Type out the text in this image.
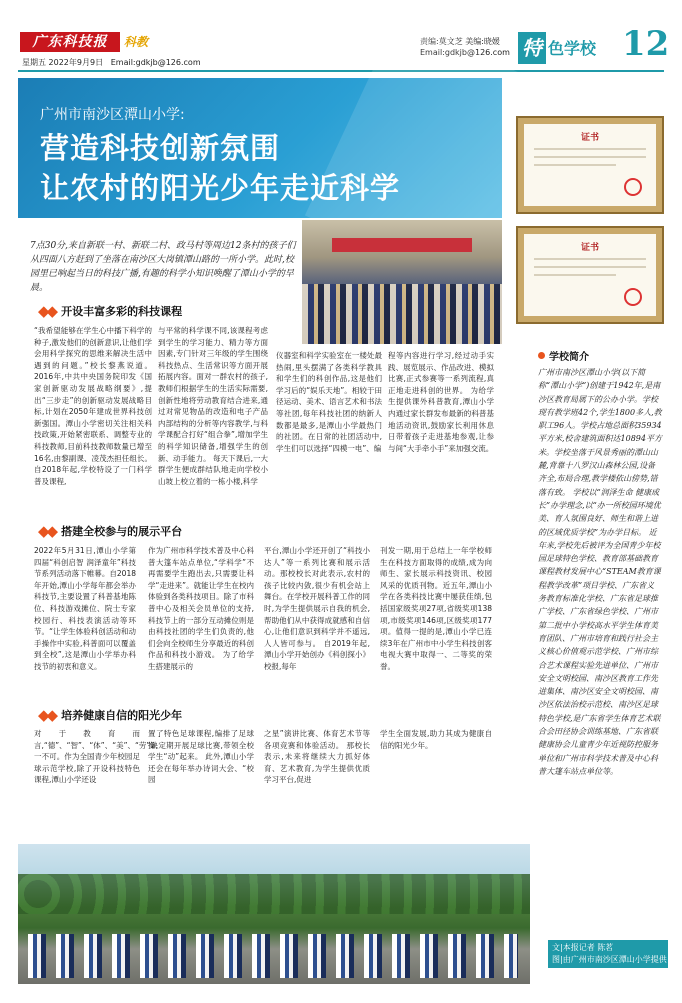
广东科技报	科教
星期五 2022年9月9日 Email:gdkjb@126.com
责编:莫文芝 美编:晓媛
Email:gdkjb@126.com 特 色学校 12
广州市南沙区潭山小学:
营造科技创新氛围
让农村的阳光少年走近科学
证书
证书
7点30分,来自新联一村、新联二村、政马村等周边12条村的孩子们从四面八方赶到了坐落在南沙区大岗镇潭山路的一所小学。此时,校园里已响起当日的科技广播,有趣的科学小知识唤醒了潭山小学的早晨。
◆◆ 开设丰富多彩的科技课程
“我希望能够在学生心中播下科学的种子,激发他们的创新意识,让他们学会用科学探究的思维来解决生活中遇到的问题。”校长黎燕说道。 2016年,中共中央国务院印发《国家创新驱动发展战略纲要》,提出“三步走”的创新驱动发展战略目标,计划在2050年建成世界科技创新强国。潭山小学密切关注相关科技政策,开始紧密联系、调整专业的科技教师,目前科技教师数量已增至16名,由黎副课、凌茂杰担任组长。自2018年起,学校特设了一门科学普及课程,
与平常的科学课不同,该课程考虑到学生的学习能力、精力等方面因素,专门针对三年级的学生围绕科技热点、生活常识等方面开展拓展内容。面对一群农村的孩子,教师们根据学生的生活实际需要,创新性地将劳动教育结合进来,通过对常见物品的改造和电子产品内部结构的分析等内容教学,与科学课配合打好“组合拳”,增加学生的科学知识储备,增强学生的创新、动手能力。 每天下课后,一大群学生便成群结队地走向学校小山坡上校立着的一栋小楼,科学
仪器室和科学实验室在一楼处最热闹,里头摆满了各类科学教具和学生们的科创作品,这是他们学习后的“娱乐天地”。相较于田径运动、美术、语言艺术和书法等社团,每年科技社团的纳新人数都是最多,是潭山小学最热门的社团。在日常的社团活动中,学生们可以选择“四模一电”、编
程等内容进行学习,经过动手实践、展览展示、作品改进、模拟比赛,正式参赛等一系列流程,真正地走进科创的世界。 为给学生提供课外科普教育,潭山小学内通过家长群发布最新的科普基地活动资讯,鼓励家长利用休息日带着孩子走进基地参观,让参与间“大手牵小手”来加强交流。
◆◆ 搭建全校参与的展示平台
2022年5月31日,潭山小学第四届“科创启智 润泽童年”科技节系列活动落下帷幕。自2018年开始,潭山小学每年都会举办科技节,主要设置了科普基地陈位、科技游戏摊位、院士专家校园行、科技表演活动等环节。“让学生体验科创活动和动手操作中实验,科普面可以覆盖到全校”,这是潭山小学举办科技节的初衷和意义。
作为广州市科学技术普及中心科普大篷车站点单位,“学科学”不再需要学生跑出去,只需要让科学“走进来”。就能让学生在校内体验到各类科技项目。除了市科普中心及相关会员单位的支持,科技节上的一部分互动摊位则是由科技社团的学生们负责的,他们会向全校师生分享最近的科创作品和科技小游戏。 为了给学生搭建展示的
平台,潭山小学还开创了“科技小达人”等一系列比赛和展示活动。那校校长对此表示,农村的孩子比较内敛,很少有机会站上舞台。在学校开展科普工作的同时,为学生提供展示自我的机会,帮助他们从中获得成就感和自信心,让他们意识到科学并不遥远,人人皆可参与。 自2019年起,潭山小学开始创办《科创探小》校报,每年
刊发一期,用于总结上一年学校师生在科技方面取得的成绩,成为向师生、家长展示科技资讯、校园风采的优质刊物。近五年,潭山小学在各类科技比赛中屡获佳绩,包括国家级奖项27项,省级奖项138项,市级奖项146项,区级奖项177项。值得一提的是,潭山小学已连续3年在广州市中小学生科技创客电视大赛中取得一、二等奖的荣誉。
◆◆ 培养健康自信的阳光少年
对于教育而言,“德”、“智”、“体”、“美”、“劳”缺一不可。作为全国青少年校园足球示范学校,除了开设科技特色课程,潭山小学还设
置了特色足球课程,编排了足球操,定期开展足球比赛,带领全校学生“动”起来。 此外,潭山小学还会在每年举办诗词大会、“校园
之星”演讲比赛、体育艺术节等各项竞赛和体验活动。 那校长表示,未来将继续大力抓好体育、艺术教育,为学生提供优质学习平台,促进
学生全面发展,助力其成为健康自信的阳光少年。
学校简介
广州市南沙区潭山小学(以下简称“潭山小学”)创建于1942年,是南沙区教育局属下的公办小学。学校现有教学班42个,学生1800多人,教职工96人。学校占地总面积35934平方米,校舍建筑面积达10894平方米。学校坐落于风景秀丽的潭山山麓,背靠十八罗汉山森林公园,设备齐全,布局合理,教学楼依山傍势,错落有致。 学校以“润泽生命 健康成长”办学理念,以“办一所校园环境优美、育人氛围良好、师生和谐上进的区域优质学校”为办学目标。 近年来,学校先后被评为全国青少年校园足球特色学校、教育部基础教育课程教材发展中心“STEAM教育课程教学改革”项目学校、广东省义务教育标准化学校、广东省足球推广学校、广东省绿色学校、广州市第二批中小学校高水平学生体育美育团队、广州市培育和践行社会主义核心价值观示范学校、广州市综合艺术课程实验先进单位、广州市安全文明校园、南沙区教育工作先进集体、南沙区安全文明校园、南沙区依法治校示范校、南沙区足球特色学校,是广东省学生体育艺术联合会田径协会训练基地、广东省联健康协会儿童青少年近视防控服务单位和广州市科学技术普及中心科普大篷车站点单位等。
文|本报记者 陈茗
图|由广州市南沙区潭山小学提供
